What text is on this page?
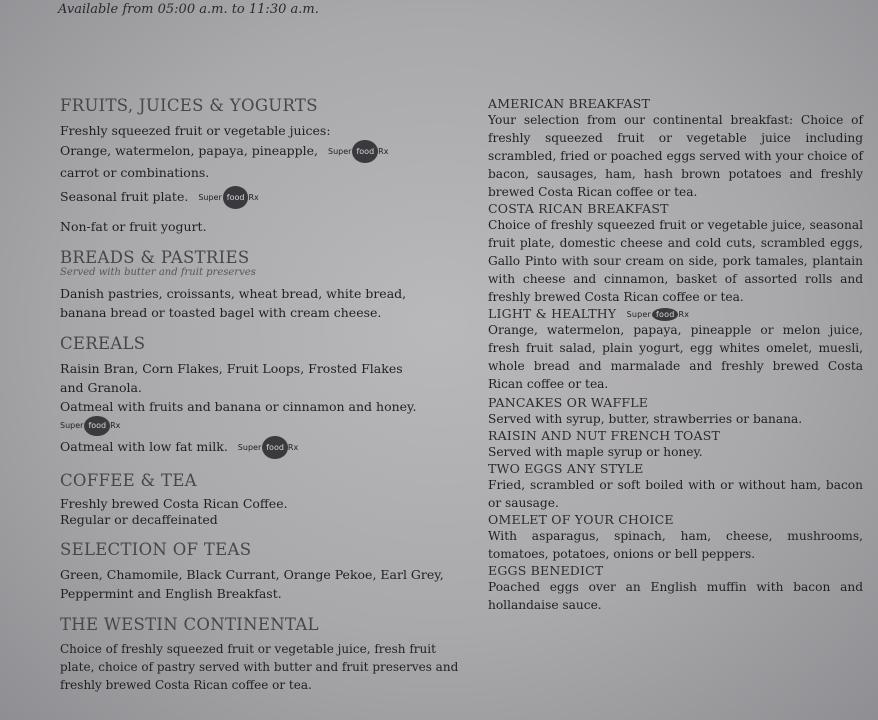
Available from 05:00 a.m. to 11:30 a.m.
FRUITS, JUICES & YOGURTS

Freshly squeezed fruit or vegetable juices:

Orange, watermelon, papaya, pineapple, Super food Rx

carrot or combinations.

Seasonal fruit plate. Super food Rx

Non-fat or fruit yogurt.

BREADS & PASTRIES

Served with butter and fruit preserves

Danish pastries, croissants, wheat bread, white bread,

banana bread or toasted bagel with cream cheese.

CEREALS

Raisin Bran, Corn Flakes, Fruit Loops, Frosted Flakes

and Granola.

Oatmeal with fruits and banana or cinnamon and honey.

Super food Rx

Oatmeal with low fat milk. Super food Rx

COFFEE & TEA

Freshly brewed Costa Rican Coffee.

Regular or decaffeinated

SELECTION OF TEAS

Green, Chamomile, Black Currant, Orange Pekoe, Earl Grey,

Peppermint and English Breakfast.

THE WESTIN CONTINENTAL

Choice of freshly squeezed fruit or vegetable juice, fresh fruit

plate, choice of pastry served with butter and fruit preserves and

freshly brewed Costa Rican coffee or tea.

AMERICAN BREAKFAST

Your selection from our continental breakfast: Choice of freshly squeezed fruit or vegetable juice including scrambled, fried or poached eggs served with your choice of bacon, sausages, ham, hash brown potatoes and freshly brewed Costa Rican coffee or tea.

COSTA RICAN BREAKFAST

Choice of freshly squeezed fruit or vegetable juice, seasonal fruit plate, domestic cheese and cold cuts, scrambled eggs, Gallo Pinto with sour cream on side, pork tamales, plantain with cheese and cinnamon, basket of assorted rolls and freshly brewed Costa Rican coffee or tea.

LIGHT & HEALTHY Super food Rx

Orange, watermelon, papaya, pineapple or melon juice, fresh fruit salad, plain yogurt, egg whites omelet, muesli, whole bread and marmalade and freshly brewed Costa Rican coffee or tea.

PANCAKES OR WAFFLE

Served with syrup, butter, strawberries or banana.

RAISIN AND NUT FRENCH TOAST

Served with maple syrup or honey.

TWO EGGS ANY STYLE

Fried, scrambled or soft boiled with or without ham, bacon or sausage.

OMELET OF YOUR CHOICE

With asparagus, spinach, ham, cheese, mushrooms, tomatoes, potatoes, onions or bell peppers.

EGGS BENEDICT

Poached eggs over an English muffin with bacon and hollandaise sauce.
